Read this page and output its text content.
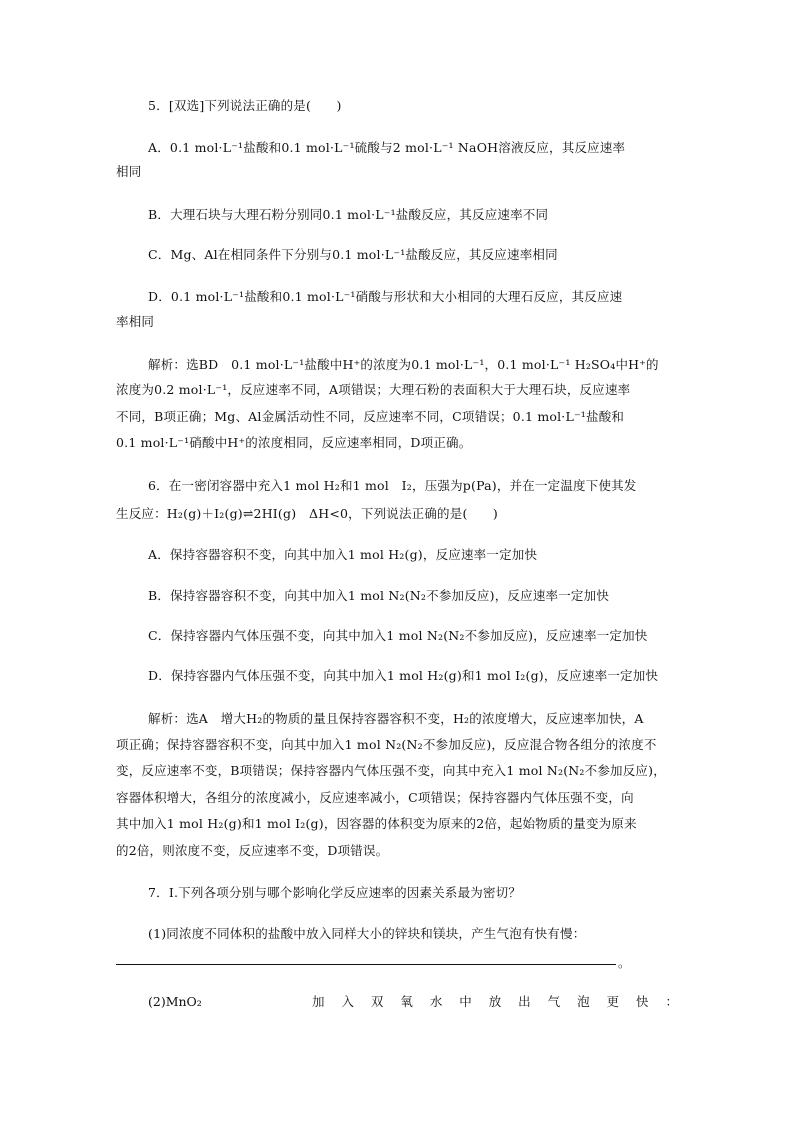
5．[双选]下列说法正确的是(　　)
A．0.1 mol·L⁻¹盐酸和0.1 mol·L⁻¹硫酸与2 mol·L⁻¹ NaOH溶液反应，其反应速率
相同
B．大理石块与大理石粉分别同0.1 mol·L⁻¹盐酸反应，其反应速率不同
C．Mg、Al在相同条件下分别与0.1 mol·L⁻¹盐酸反应，其反应速率相同
D．0.1 mol·L⁻¹盐酸和0.1 mol·L⁻¹硝酸与形状和大小相同的大理石反应，其反应速
率相同
解析：选BD　0.1 mol·L⁻¹盐酸中H⁺的浓度为0.1 mol·L⁻¹，0.1 mol·L⁻¹ H₂SO₄中H⁺的
浓度为0.2 mol·L⁻¹，反应速率不同，A项错误；大理石粉的表面积大于大理石块，反应速率
不同，B项正确；Mg、Al金属活动性不同，反应速率不同，C项错误；0.1 mol·L⁻¹盐酸和
0.1 mol·L⁻¹硝酸中H⁺的浓度相同，反应速率相同，D项正确。
6．在一密闭容器中充入1 mol H₂和1 mol　I₂，压强为p(Pa)，并在一定温度下使其发
生反应：H₂(g)＋I₂(g)⇌2HI(g)　ΔH<0，下列说法正确的是(　　)
A．保持容器容积不变，向其中加入1 mol H₂(g)，反应速率一定加快
B．保持容器容积不变，向其中加入1 mol N₂(N₂不参加反应)，反应速率一定加快
C．保持容器内气体压强不变，向其中加入1 mol N₂(N₂不参加反应)，反应速率一定加快
D．保持容器内气体压强不变，向其中加入1 mol H₂(g)和1 mol I₂(g)，反应速率一定加快
解析：选A　增大H₂的物质的量且保持容器容积不变，H₂的浓度增大，反应速率加快，A
项正确；保持容器容积不变，向其中加入1 mol N₂(N₂不参加反应)，反应混合物各组分的浓度不
变，反应速率不变，B项错误；保持容器内气体压强不变，向其中充入1 mol N₂(N₂不参加反应)，
容器体积增大，各组分的浓度减小，反应速率减小，C项错误；保持容器内气体压强不变，向
其中加入1 mol H₂(g)和1 mol I₂(g)，因容器的体积变为原来的2倍，起始物质的量变为原来
的2倍，则浓度不变，反应速率不变，D项错误。
7．Ⅰ.下列各项分别与哪个影响化学反应速率的因素关系最为密切？
(1)同浓度不同体积的盐酸中放入同样大小的锌块和镁块，产生气泡有快有慢：
。
(2)MnO₂	加 入 双 氧 水 中 放 出 气 泡 更 快 ：
